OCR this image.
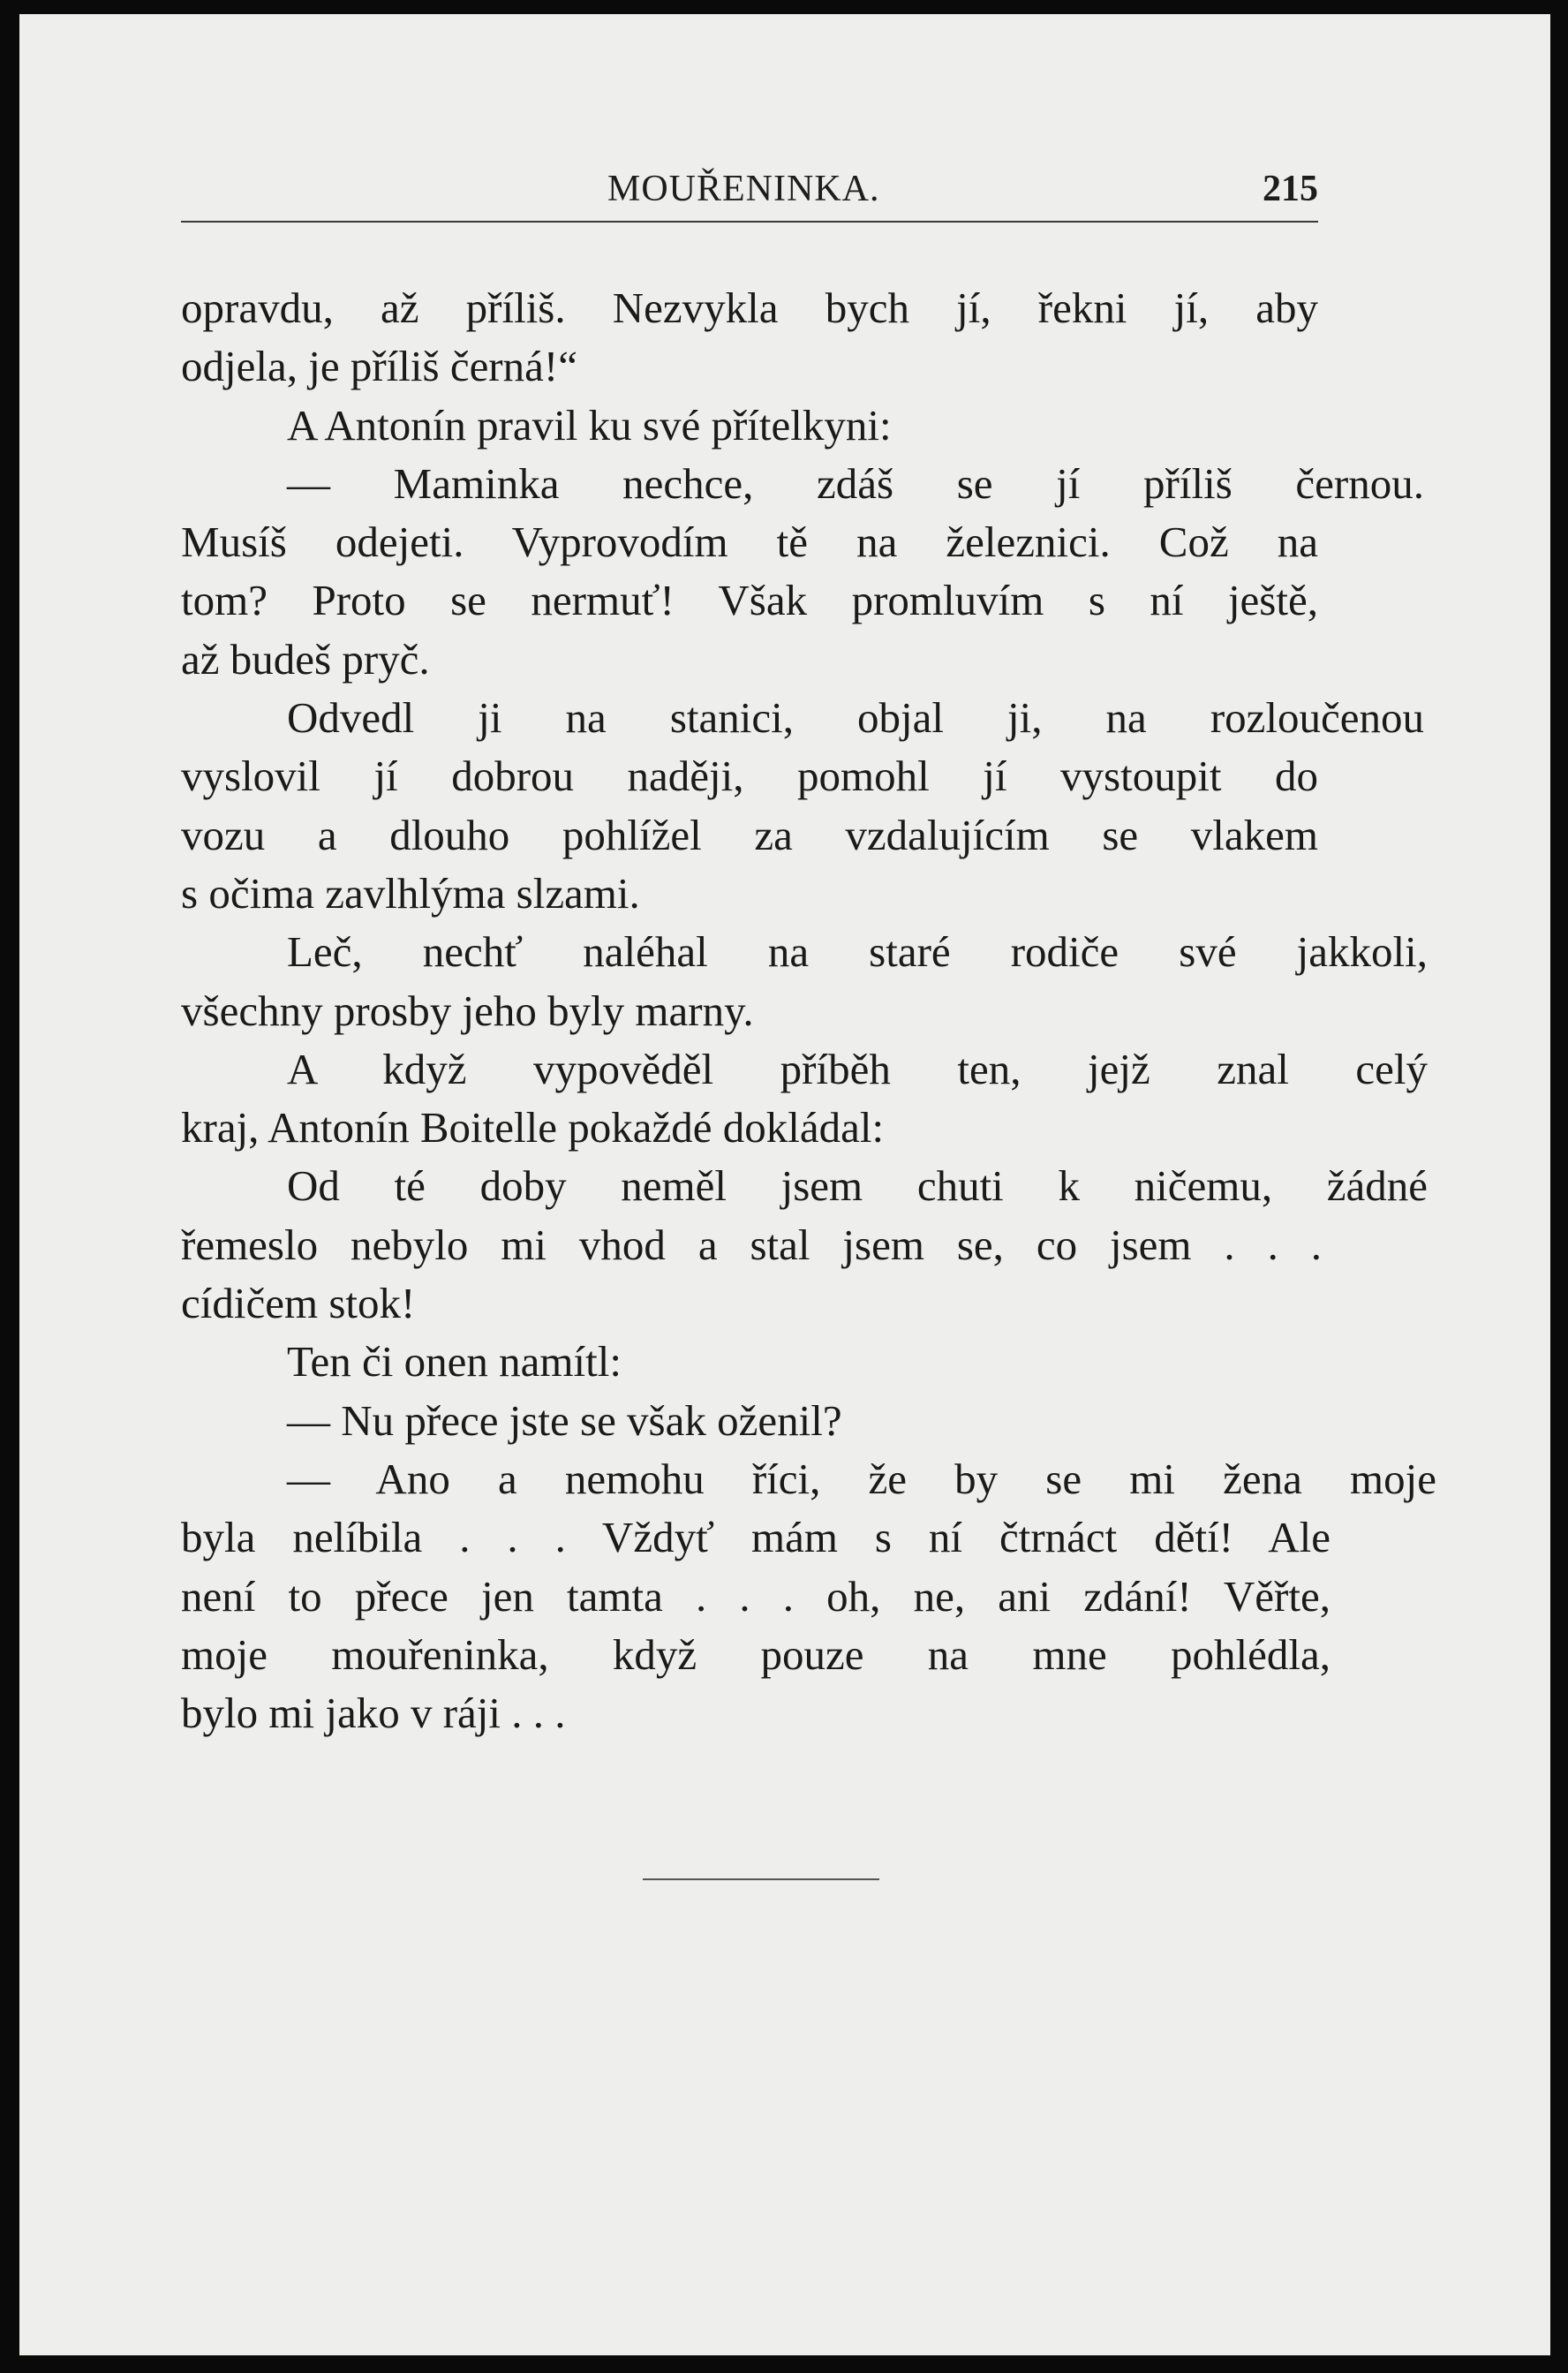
MOUŘENINKA.	215
opravdu, až příliš. Nezvykla bych jí, řekni jí, aby
odjela, je příliš černá!“
A Antonín pravil ku své přítelkyni:
— Maminka nechce, zdáš se jí příliš černou.
Musíš odejeti. Vyprovodím tě na železnici. Což na
tom? Proto se nermuť! Však promluvím s ní ještě,
až budeš pryč.
Odvedl ji na stanici, objal ji, na rozloučenou
vyslovil jí dobrou naději, pomohl jí vystoupit do
vozu a dlouho pohlížel za vzdalujícím se vlakem
s očima zavlhlýma slzami.
Leč, nechť naléhal na staré rodiče své jakkoli,
všechny prosby jeho byly marny.
A když vypověděl příběh ten, jejž znal celý
kraj, Antonín Boitelle pokaždé dokládal:
Od té doby neměl jsem chuti k ničemu, žádné
řemeslo nebylo mi vhod a stal jsem se, co jsem . . .
cídičem stok!
Ten či onen namítl:
— Nu přece jste se však oženil?
— Ano a nemohu říci, že by se mi žena moje
byla nelíbila . . . Vždyť mám s ní čtrnáct dětí! Ale
není to přece jen tamta . . . oh, ne, ani zdání! Věřte,
moje mouřeninka, když pouze na mne pohlédla,
bylo mi jako v ráji . . .
